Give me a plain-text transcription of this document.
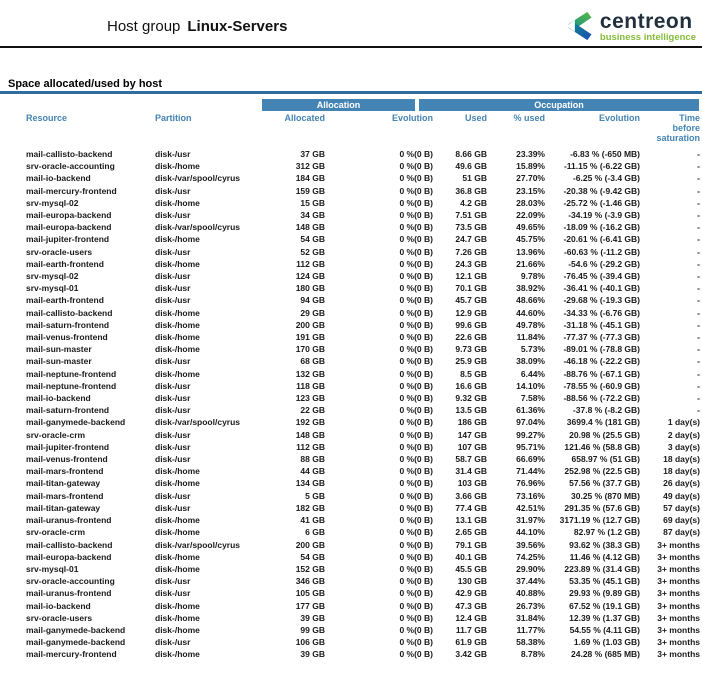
Host group Linux-Servers	centreon
business intelligence
Space allocated/used by host
Allocation	Occupation
Resource	Partition	Allocated	Evolution	Used	% used	Evolution	Time before saturation
mail-callisto-backend	disk-/usr	37 GB	0 %(0 B)	8.66 GB	23.39%	-6.83 % (-650 MB)	-
srv-oracle-accounting	disk-/home	312 GB	0 %(0 B)	49.6 GB	15.89%	-11.15 % (-6.22 GB)	-
mail-io-backend	disk-/var/spool/cyrus	184 GB	0 %(0 B)	51 GB	27.70%	-6.25 % (-3.4 GB)	-
mail-mercury-frontend	disk-/usr	159 GB	0 %(0 B)	36.8 GB	23.15%	-20.38 % (-9.42 GB)	-
srv-mysql-02	disk-/home	15 GB	0 %(0 B)	4.2 GB	28.03%	-25.72 % (-1.46 GB)	-
mail-europa-backend	disk-/usr	34 GB	0 %(0 B)	7.51 GB	22.09%	-34.19 % (-3.9 GB)	-
mail-europa-backend	disk-/var/spool/cyrus	148 GB	0 %(0 B)	73.5 GB	49.65%	-18.09 % (-16.2 GB)	-
mail-jupiter-frontend	disk-/home	54 GB	0 %(0 B)	24.7 GB	45.75%	-20.61 % (-6.41 GB)	-
srv-oracle-users	disk-/usr	52 GB	0 %(0 B)	7.26 GB	13.96%	-60.63 % (-11.2 GB)	-
mail-earth-frontend	disk-/home	112 GB	0 %(0 B)	24.3 GB	21.66%	-54.6 % (-29.2 GB)	-
srv-mysql-02	disk-/usr	124 GB	0 %(0 B)	12.1 GB	9.78%	-76.45 % (-39.4 GB)	-
srv-mysql-01	disk-/usr	180 GB	0 %(0 B)	70.1 GB	38.92%	-36.41 % (-40.1 GB)	-
mail-earth-frontend	disk-/usr	94 GB	0 %(0 B)	45.7 GB	48.66%	-29.68 % (-19.3 GB)	-
mail-callisto-backend	disk-/home	29 GB	0 %(0 B)	12.9 GB	44.60%	-34.33 % (-6.76 GB)	-
mail-saturn-frontend	disk-/home	200 GB	0 %(0 B)	99.6 GB	49.78%	-31.18 % (-45.1 GB)	-
mail-venus-frontend	disk-/home	191 GB	0 %(0 B)	22.6 GB	11.84%	-77.37 % (-77.3 GB)	-
mail-sun-master	disk-/home	170 GB	0 %(0 B)	9.73 GB	5.73%	-89.01 % (-78.8 GB)	-
mail-sun-master	disk-/usr	68 GB	0 %(0 B)	25.9 GB	38.09%	-46.18 % (-22.2 GB)	-
mail-neptune-frontend	disk-/home	132 GB	0 %(0 B)	8.5 GB	6.44%	-88.76 % (-67.1 GB)	-
mail-neptune-frontend	disk-/usr	118 GB	0 %(0 B)	16.6 GB	14.10%	-78.55 % (-60.9 GB)	-
mail-io-backend	disk-/usr	123 GB	0 %(0 B)	9.32 GB	7.58%	-88.56 % (-72.2 GB)	-
mail-saturn-frontend	disk-/usr	22 GB	0 %(0 B)	13.5 GB	61.36%	-37.8 % (-8.2 GB)	-
mail-ganymede-backend	disk-/var/spool/cyrus	192 GB	0 %(0 B)	186 GB	97.04%	3699.4 % (181 GB)	1 day(s)
srv-oracle-crm	disk-/usr	148 GB	0 %(0 B)	147 GB	99.27%	20.98 % (25.5 GB)	2 day(s)
mail-jupiter-frontend	disk-/usr	112 GB	0 %(0 B)	107 GB	95.71%	121.46 % (58.8 GB)	3 day(s)
mail-venus-frontend	disk-/usr	88 GB	0 %(0 B)	58.7 GB	66.69%	658.97 % (51 GB)	18 day(s)
mail-mars-frontend	disk-/home	44 GB	0 %(0 B)	31.4 GB	71.44%	252.98 % (22.5 GB)	18 day(s)
mail-titan-gateway	disk-/home	134 GB	0 %(0 B)	103 GB	76.96%	57.56 % (37.7 GB)	26 day(s)
mail-mars-frontend	disk-/usr	5 GB	0 %(0 B)	3.66 GB	73.16%	30.25 % (870 MB)	49 day(s)
mail-titan-gateway	disk-/usr	182 GB	0 %(0 B)	77.4 GB	42.51%	291.35 % (57.6 GB)	57 day(s)
mail-uranus-frontend	disk-/home	41 GB	0 %(0 B)	13.1 GB	31.97%	3171.19 % (12.7 GB)	69 day(s)
srv-oracle-crm	disk-/home	6 GB	0 %(0 B)	2.65 GB	44.10%	82.97 % (1.2 GB)	87 day(s)
mail-callisto-backend	disk-/var/spool/cyrus	200 GB	0 %(0 B)	79.1 GB	39.56%	93.62 % (38.3 GB)	3+ months
mail-europa-backend	disk-/home	54 GB	0 %(0 B)	40.1 GB	74.25%	11.46 % (4.12 GB)	3+ months
srv-mysql-01	disk-/home	152 GB	0 %(0 B)	45.5 GB	29.90%	223.89 % (31.4 GB)	3+ months
srv-oracle-accounting	disk-/usr	346 GB	0 %(0 B)	130 GB	37.44%	53.35 % (45.1 GB)	3+ months
mail-uranus-frontend	disk-/usr	105 GB	0 %(0 B)	42.9 GB	40.88%	29.93 % (9.89 GB)	3+ months
mail-io-backend	disk-/home	177 GB	0 %(0 B)	47.3 GB	26.73%	67.52 % (19.1 GB)	3+ months
srv-oracle-users	disk-/home	39 GB	0 %(0 B)	12.4 GB	31.84%	12.39 % (1.37 GB)	3+ months
mail-ganymede-backend	disk-/home	99 GB	0 %(0 B)	11.7 GB	11.77%	54.55 % (4.11 GB)	3+ months
mail-ganymede-backend	disk-/usr	106 GB	0 %(0 B)	61.9 GB	58.38%	1.69 % (1.03 GB)	3+ months
mail-mercury-frontend	disk-/home	39 GB	0 %(0 B)	3.42 GB	8.78%	24.28 % (685 MB)	3+ months
